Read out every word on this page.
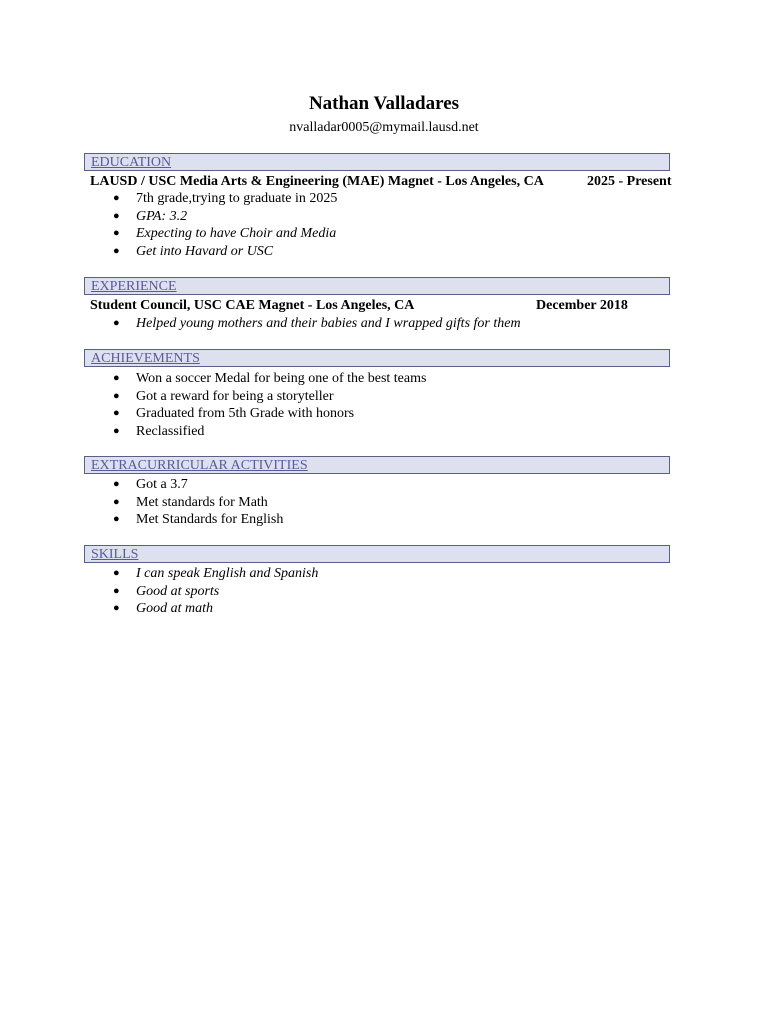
Nathan Valladares
nvalladar0005@mymail.lausd.net
EDUCATION
LAUSD / USC Media Arts & Engineering (MAE) Magnet - Los Angeles, CA	2025 - Present
● 7th grade,trying to graduate in 2025
● GPA: 3.2
● Expecting to have Choir and Media
● Get into Havard or USC
EXPERIENCE
Student Council, USC CAE Magnet - Los Angeles, CA	December 2018
● Helped young mothers and their babies and I wrapped gifts for them
ACHIEVEMENTS
● Won a soccer Medal for being one of the best teams
● Got a reward for being a storyteller
● Graduated from 5th Grade with honors
● Reclassified
EXTRACURRICULAR ACTIVITIES
● Got a 3.7
● Met standards for Math
● Met Standards for English
SKILLS
● I can speak English and Spanish
● Good at sports
● Good at math
